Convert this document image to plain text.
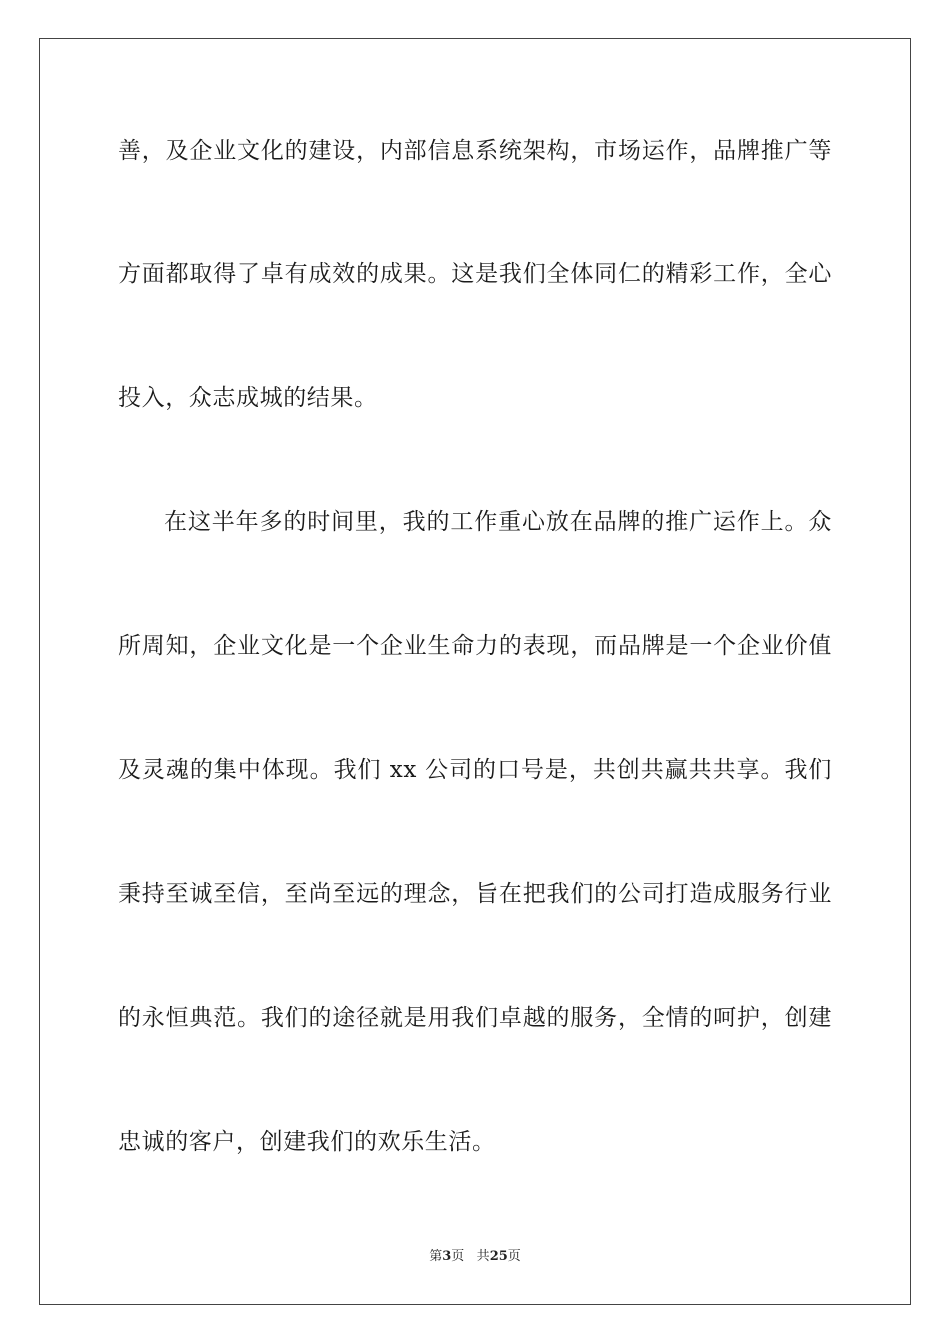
善，及企业文化的建设，内部信息系统架构，市场运作，品牌推广等
方面都取得了卓有成效的成果。这是我们全体同仁的精彩工作，全心
投入，众志成城的结果。
在这半年多的时间里，我的工作重心放在品牌的推广运作上。众
所周知，企业文化是一个企业生命力的表现，而品牌是一个企业价值
及灵魂的集中体现。我们 xx 公司的口号是，共创共赢共共享。我们
秉持至诚至信，至尚至远的理念，旨在把我们的公司打造成服务行业
的永恒典范。我们的途径就是用我们卓越的服务，全情的呵护，创建
忠诚的客户，创建我们的欢乐生活。
第3页 共25页
